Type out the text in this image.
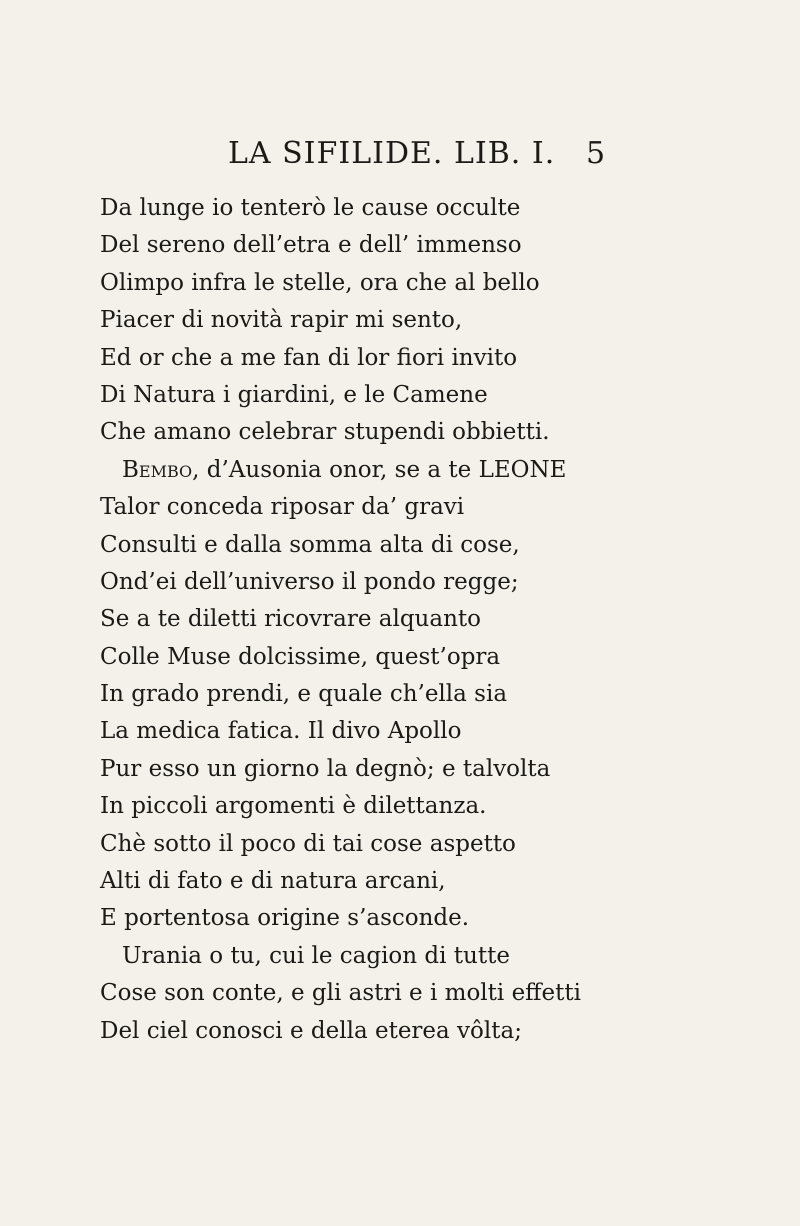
LA SIFILIDE. LIB. I. 5
Da lunge io tenterò le cause occulte
Del sereno dell’etra e dell’ immenso
Olimpo infra le stelle, ora che al bello
Piacer di novità rapir mi sento,
Ed or che a me fan di lor fiori invito
Di Natura i giardini, e le Camene
Che amano celebrar stupendi obbietti.
Bembo, d’Ausonia onor, se a te LEONE
Talor conceda riposar da’ gravi
Consulti e dalla somma alta di cose,
Ond’ei dell’universo il pondo regge;
Se a te diletti ricovrare alquanto
Colle Muse dolcissime, quest’opra
In grado prendi, e quale ch’ella sia
La medica fatica. Il divo Apollo
Pur esso un giorno la degnò; e talvolta
In piccoli argomenti è dilettanza.
Chè sotto il poco di tai cose aspetto
Alti di fato e di natura arcani,
E portentosa origine s’asconde.
Urania o tu, cui le cagion di tutte
Cose son conte, e gli astri e i molti effetti
Del ciel conosci e della eterea vôlta;
